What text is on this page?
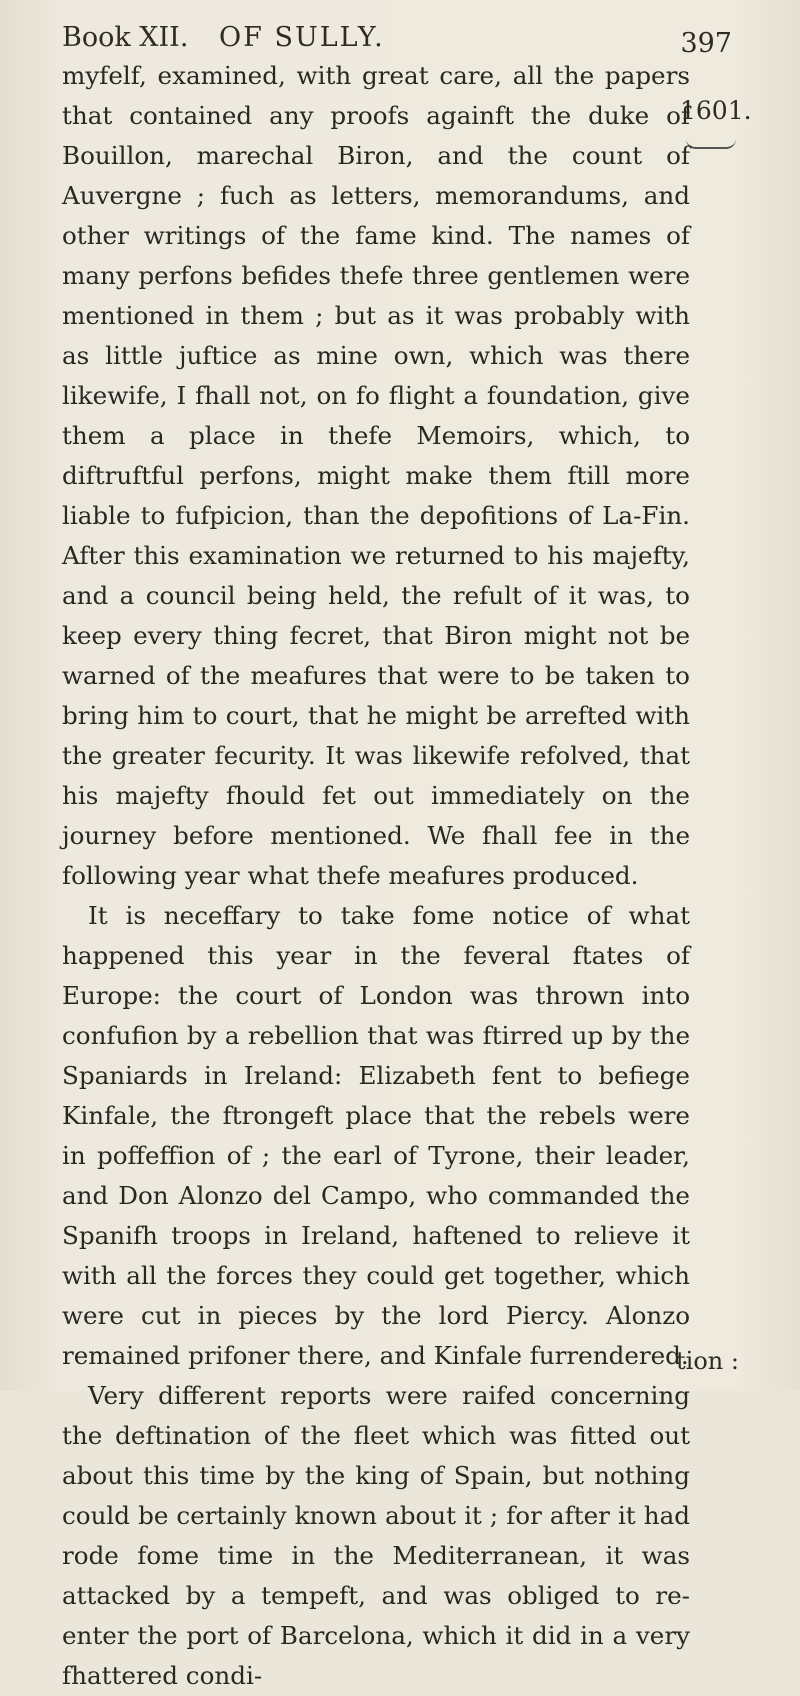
Book XII. OF SULLY.	397
1601.

myfelf, examined, with great care, all the papers that contained any proofs againft the duke of Bouillon, marechal Biron, and the count of Auvergne ; fuch as letters, memorandums, and other writings of the fame kind. The names of many perfons befides thefe three gentlemen were mentioned in them ; but as it was probably with as little juftice as mine own, which was there likewife, I fhall not, on fo flight a foundation, give them a place in thefe Memoirs, which, to diftruftful perfons, might make them ftill more liable to fufpicion, than the depofitions of La-Fin. After this examination we returned to his majefty, and a council being held, the refult of it was, to keep every thing fecret, that Biron might not be warned of the meafures that were to be taken to bring him to court, that he might be arrefted with the greater fecurity. It was likewife refolved, that his majefty fhould fet out immediately on the journey before mentioned. We fhall fee in the following year what thefe meafures produced.

It is neceffary to take fome notice of what happened this year in the feveral ftates of Europe: the court of London was thrown into confufion by a rebellion that was ftirred up by the Spaniards in Ireland: Elizabeth fent to befiege Kinfale, the ftrongeft place that the rebels were in poffeffion of ; the earl of Tyrone, their leader, and Don Alonzo del Campo, who commanded the Spanifh troops in Ireland, haftened to relieve it with all the forces they could get together, which were cut in pieces by the lord Piercy. Alonzo remained prifoner there, and Kinfale furrendered.

Very different reports were raifed concerning the deftination of the fleet which was fitted out about this time by the king of Spain, but nothing could be certainly known about it ; for after it had rode fome time in the Mediterranean, it was attacked by a tempeft, and was obliged to re-enter the port of Barcelona, which it did in a very fhattered condi-

tion :
